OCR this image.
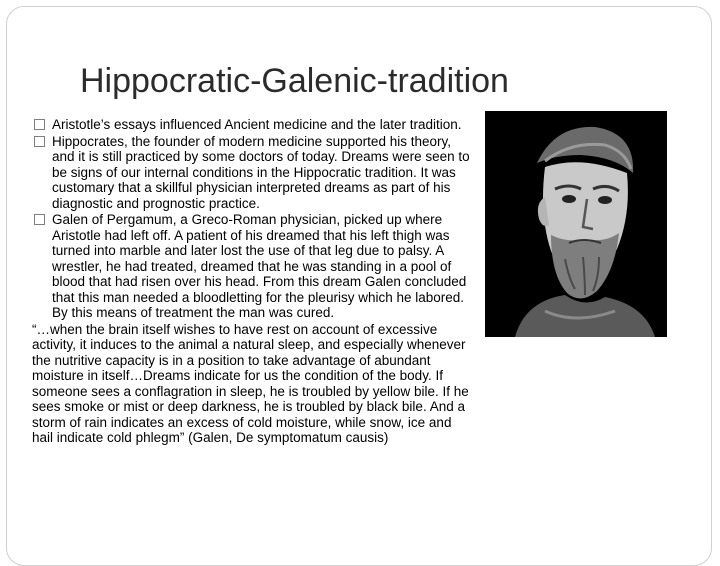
Hippocratic-Galenic-tradition
Aristotle’s essays influenced Ancient medicine and the later tradition.
Hippocrates, the founder of modern medicine supported his theory, and it is still practiced by some doctors of today. Dreams were seen to be signs of our internal conditions in the Hippocratic tradition. It was customary that a skillful physician interpreted dreams as part of his diagnostic and prognostic practice.
Galen of Pergamum, a Greco-Roman physician, picked up where Aristotle had left off. A patient of his dreamed that his left thigh was turned into marble and later lost the use of that leg due to palsy. A wrestler, he had treated, dreamed that he was standing in a pool of blood that had risen over his head. From this dream Galen concluded that this man needed a bloodletting for the pleurisy which he labored. By this means of treatment the man was cured.
“…when the brain itself wishes to have rest on account of excessive activity, it induces to the animal a natural sleep, and especially whenever the nutritive capacity is in a position to take advantage of abundant moisture in itself…Dreams indicate for us the condition of the body. If someone sees a conflagration in sleep, he is troubled by yellow bile. If he sees smoke or mist or deep darkness, he is troubled by black bile. And a storm of rain indicates an excess of cold moisture, while snow, ice and hail indicate cold phlegm” (Galen, De symptomatum causis)
